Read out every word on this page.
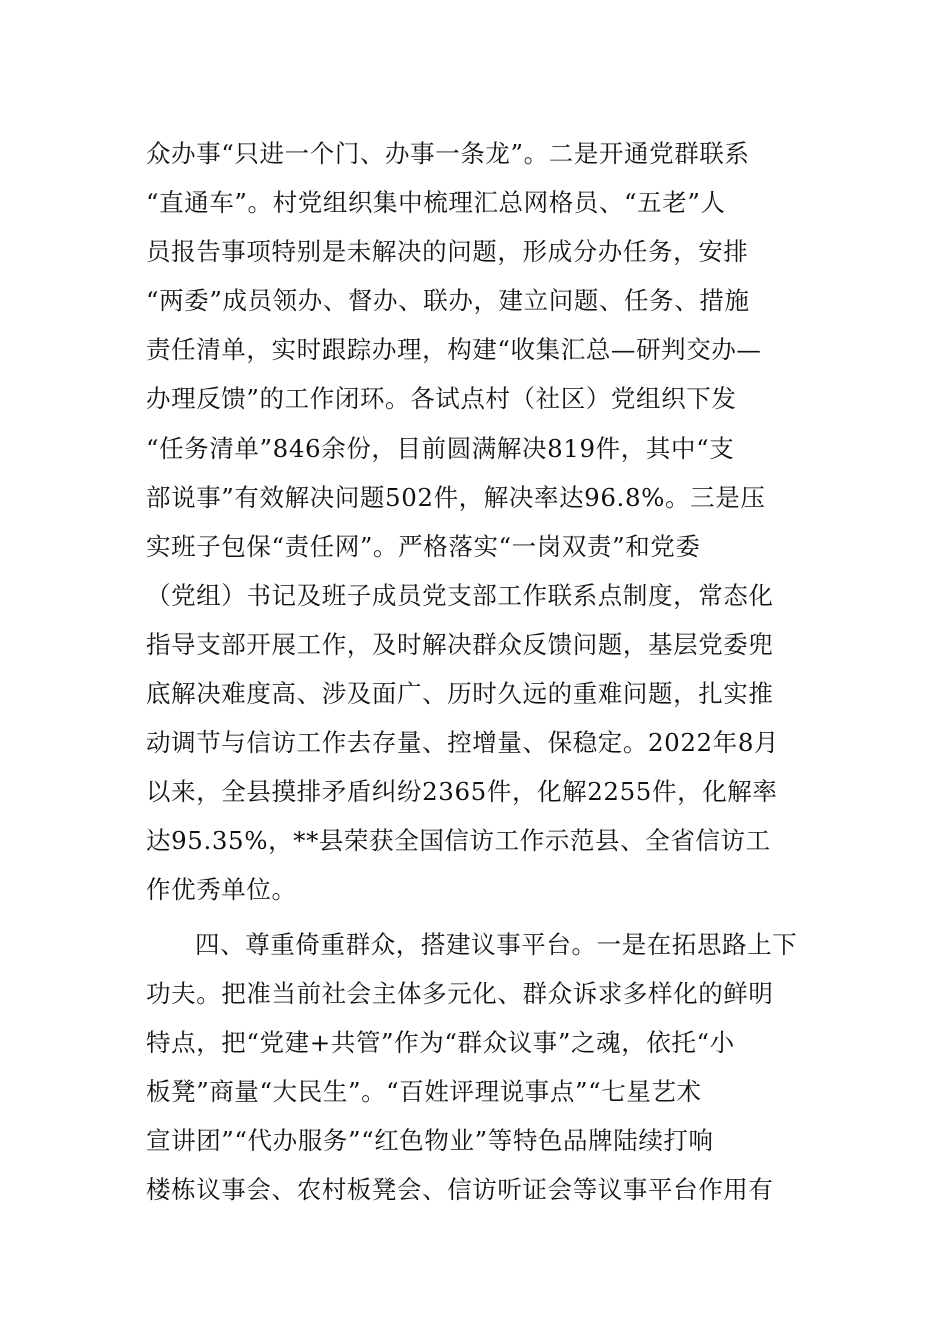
众办事“只进一个门、办事一条龙”。二是开通党群联系
“直通车”。村党组织集中梳理汇总网格员、“五老”人
员报告事项特别是未解决的问题，形成分办任务，安排
“两委”成员领办、督办、联办，建立问题、任务、措施
责任清单，实时跟踪办理，构建“收集汇总—研判交办—
办理反馈”的工作闭环。各试点村（社区）党组织下发
“任务清单”846余份，目前圆满解决819件，其中“支
部说事”有效解决问题502件，解决率达96.8%。三是压
实班子包保“责任网”。严格落实“一岗双责”和党委
（党组）书记及班子成员党支部工作联系点制度，常态化
指导支部开展工作，及时解决群众反馈问题，基层党委兜
底解决难度高、涉及面广、历时久远的重难问题，扎实推
动调节与信访工作去存量、控增量、保稳定。2022年8月
以来，全县摸排矛盾纠纷2365件，化解2255件，化解率
达95.35%，**县荣获全国信访工作示范县、全省信访工
作优秀单位。
四、尊重倚重群众，搭建议事平台。一是在拓思路上下
功夫。把准当前社会主体多元化、群众诉求多样化的鲜明
特点，把“党建+共管”作为“群众议事”之魂，依托“小
板凳”商量“大民生”。“百姓评理说事点”“七星艺术
宣讲团”“代办服务”“红色物业”等特色品牌陆续打响
楼栋议事会、农村板凳会、信访听证会等议事平台作用有
